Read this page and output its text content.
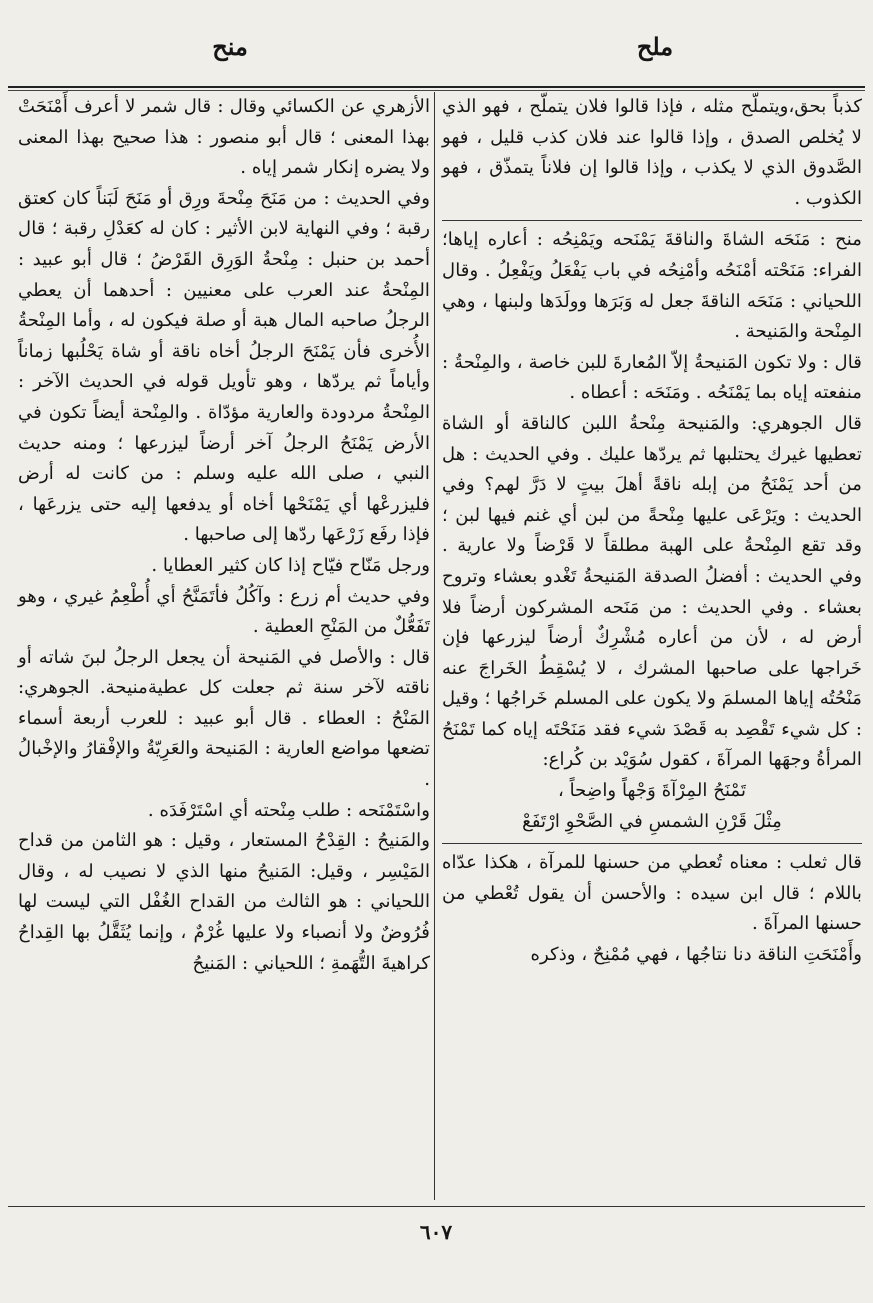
ملح
منح

كذباً بحق،ويتملّح مثله ، فإذا قالوا فلان يتملّح ، فهو الذي لا يُخلص الصدق ، وإذا قالوا عند فلان كذب قليل ، فهو الصَّدوق الذي لا يكذب ، وإذا قالوا إن فلاناً يتمذّق ، فهو الكذوب .

منح : مَنَحَه الشاةَ والناقةَ يَمْنَحه ويَمْنِحُه : أعاره إياها؛ الفراء: مَنَحْته أمْنَحُه وأمْنِحُه في باب يَفْعَلُ ويَفْعِلُ . وقال اللحياني : مَنَحَه الناقةَ جعل له وَبَرَها وولَدَها ولبنها ، وهي المِنْحة والمَنيحة .

قال : ولا تكون المَنيحةُ إلاّ المُعارةَ للبن خاصة ، والمِنْحةُ : منفعته إياه بما يَمْنَحُه . ومَنَحَه : أعطاه .

قال الجوهري: والمَنيحة مِنْحةُ اللبن كالناقة أو الشاة تعطيها غيرك يحتلبها ثم يردّها عليك . وفي الحديث : هل من أحد يَمْنَحُ من إبله ناقةً أهلَ بيتٍ لا دَرَّ لهم؟ وفي الحديث : ويَرْعَى عليها مِنْحةً من لبن أي غنم فيها لبن ؛ وقد تقع المِنْحةُ على الهبة مطلقاً لا قَرْضاً ولا عارية . وفي الحديث : أفضلُ الصدقة المَنيحةُ تَغْدو بعشاء وتروح بعشاء . وفي الحديث : من مَنَحه المشركون أرضاً فلا أرض له ، لأن من أعاره مُشْرِكٌ أرضاً ليزرعها فإن خَراجها على صاحبها المشرك ، لا يُسْقِطُ الخَراجَ عنه مَنْحُتُه إياها المسلمَ ولا يكون على المسلم خَراجُها ؛ وقيل : كل شيء تَقْصِد به قَصْدَ شيء فقد مَنَحْتَه إياه كما تَمْنَحُ المرأةُ وجهَها المرآةَ ، كقول سُوَيْد بن كُراع:

تَمْنَحُ المِرْآةَ وَجْهاً واضِحاً ،

مِثْلَ قَرْنِ الشمسِ في الصَّحْوِ ارْتَفَعْ

قال ثعلب : معناه تُعطي من حسنها للمرآة ، هكذا عدّاه باللام ؛ قال ابن سيده : والأحسن أن يقول تُعْطي من حسنها المرآةَ .

وأَمْنَحَتِ الناقة دنا نتاجُها ، فهي مُمْنِحٌ ، وذكره

الأزهري عن الكسائي وقال : قال شمر لا أعرف أَمْنَحَتْ بهذا المعنى ؛ قال أبو منصور : هذا صحيح بهذا المعنى ولا يضره إنكار شمر إياه .

وفي الحديث : من مَنَحَ مِنْحةَ ورِق أو مَنَحَ لَبَناً كان كعتق رقبة ؛ وفي النهاية لابن الأثير : كان له كعَدْلِ رقبة ؛ قال أحمد بن حنبل : مِنْحةُ الوَرِق القَرْضُ ؛ قال أبو عبيد : المِنْحةُ عند العرب على معنيين : أحدهما أن يعطي الرجلُ صاحبه المال هبة أو صلة فيكون له ، وأما المِنْحةُ الأُخرى فأن يَمْنَحَ الرجلُ أخاه ناقة أو شاة يَحْلُبها زماناً وأياماً ثم يردّها ، وهو تأويل قوله في الحديث الآخر : المِنْحةُ مردودة والعارية مؤدّاة . والمِنْحة أيضاً تكون في الأرض يَمْنَحُ الرجلُ آخر أرضاً ليزرعها ؛ ومنه حديث النبي ، صلى الله عليه وسلم : من كانت له أرض فليزرعْها أي يَمْنَحْها أخاه أو يدفعها إليه حتى يزرعَها ، فإذا رفَع زَرْعَها ردّها إلى صاحبها .

ورجل مَنّاح فيّاح إذا كان كثير العطايا .

وفي حديث أم زرع : وآكُلُ فأتَمَنَّحُ أي أُطْعِمُ غيري ، وهو تَفَعُّلٌ من المَنْحِ العطية .

قال : والأصل في المَنيحة أن يجعل الرجلُ لبنَ شاته أو ناقته لآخر سنة ثم جعلت كل عطيةمنيحة. الجوهري: المَنْحُ : العطاء . قال أبو عبيد : للعرب أربعة أسماء تضعها مواضع العارية : المَنيحة والعَرِيّةُ والإفْقارُ والإخْبالُ .

واسْتَمْنَحه : طلب مِنْحته أي اسْتَرْفَدَه .

والمَنيحُ : القِدْحُ المستعار ، وقيل : هو الثامن من قداح المَيْسِر ، وقيل: المَنيحُ منها الذي لا نصيب له ، وقال اللحياني : هو الثالث من القداح الغُفْل التي ليست لها فُرُوضٌ ولا أنصباء ولا عليها غُرْمٌ ، وإنما يُثَقَّلُ بها القِداحُ كراهيةَ التُّهَمةِ ؛ اللحياني : المَنيحُ

٦٠٧
